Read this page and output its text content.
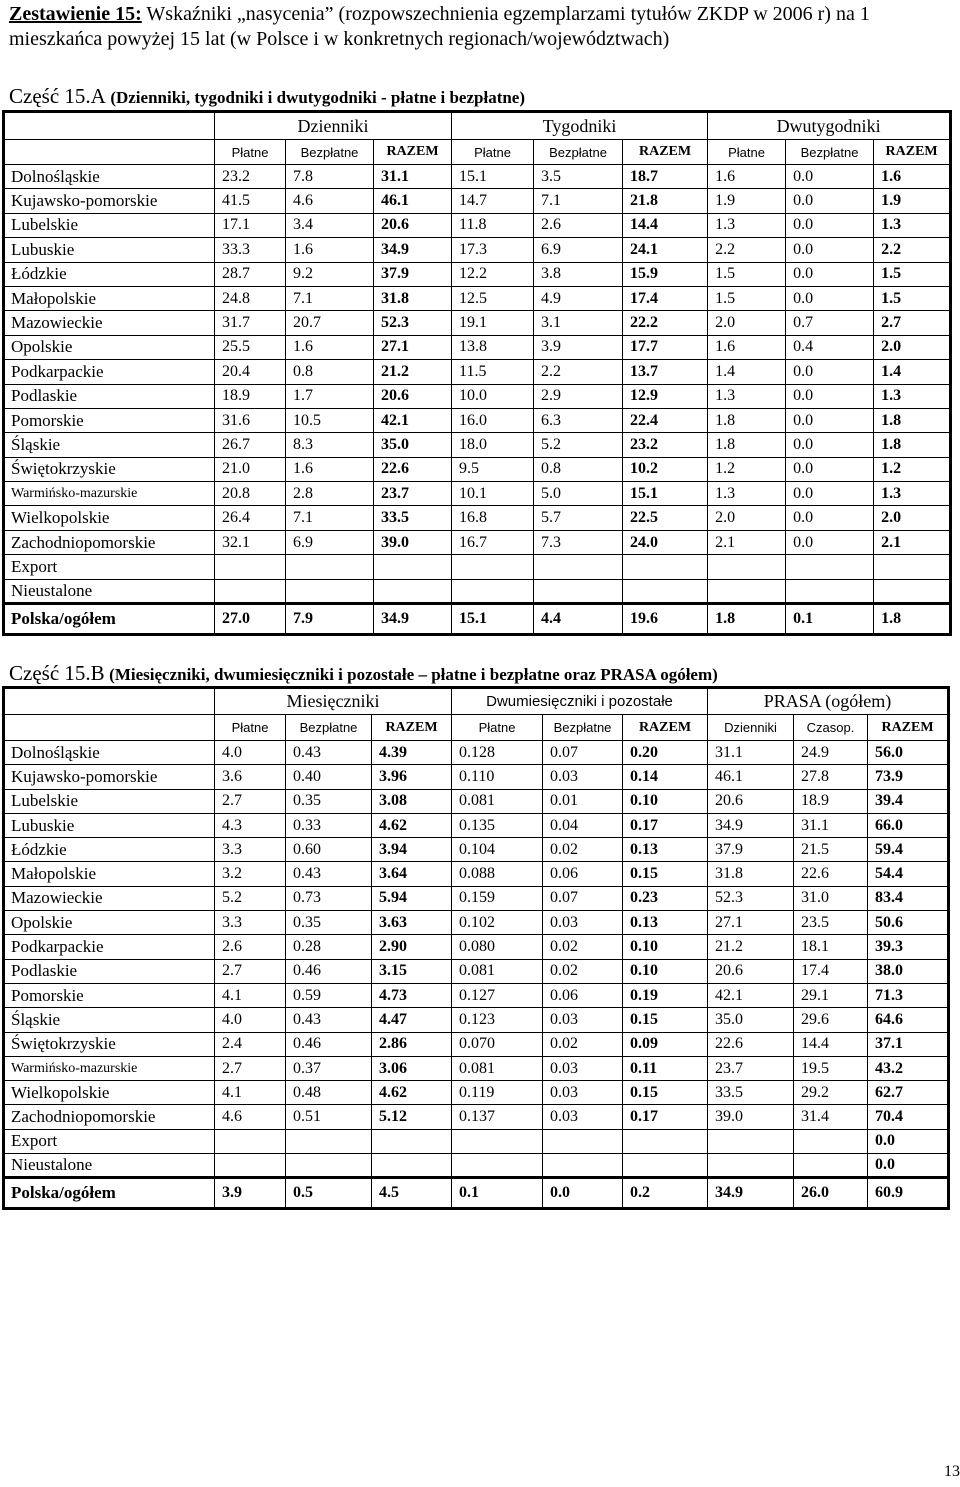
Zestawienie 15: Wskaźniki „nasycenia” (rozpowszechnienia egzemplarzami tytułów ZKDP w 2006 r) na 1 mieszkańca powyżej 15 lat (w Polsce i w konkretnych regionach/województwach)
Część 15.A (Dzienniki, tygodniki i dwutygodniki - płatne i bezpłatne)
	Dzienniki			Tygodniki			Dwutygodniki		
	Płatne	Bezpłatne	RAZEM	Płatne	Bezpłatne	RAZEM	Płatne	Bezpłatne	RAZEM
Dolnośląskie	23.2	7.8	31.1	15.1	3.5	18.7	1.6	0.0	1.6
Kujawsko-pomorskie	41.5	4.6	46.1	14.7	7.1	21.8	1.9	0.0	1.9
Lubelskie	17.1	3.4	20.6	11.8	2.6	14.4	1.3	0.0	1.3
Lubuskie	33.3	1.6	34.9	17.3	6.9	24.1	2.2	0.0	2.2
Łódzkie	28.7	9.2	37.9	12.2	3.8	15.9	1.5	0.0	1.5
Małopolskie	24.8	7.1	31.8	12.5	4.9	17.4	1.5	0.0	1.5
Mazowieckie	31.7	20.7	52.3	19.1	3.1	22.2	2.0	0.7	2.7
Opolskie	25.5	1.6	27.1	13.8	3.9	17.7	1.6	0.4	2.0
Podkarpackie	20.4	0.8	21.2	11.5	2.2	13.7	1.4	0.0	1.4
Podlaskie	18.9	1.7	20.6	10.0	2.9	12.9	1.3	0.0	1.3
Pomorskie	31.6	10.5	42.1	16.0	6.3	22.4	1.8	0.0	1.8
Śląskie	26.7	8.3	35.0	18.0	5.2	23.2	1.8	0.0	1.8
Świętokrzyskie	21.0	1.6	22.6	9.5	0.8	10.2	1.2	0.0	1.2
Warmińsko-mazurskie	20.8	2.8	23.7	10.1	5.0	15.1	1.3	0.0	1.3
Wielkopolskie	26.4	7.1	33.5	16.8	5.7	22.5	2.0	0.0	2.0
Zachodniopomorskie	32.1	6.9	39.0	16.7	7.3	24.0	2.1	0.0	2.1
Export									
Nieustalone									
Polska/ogółem	27.0	7.9	34.9	15.1	4.4	19.6	1.8	0.1	1.8
Część 15.B (Miesięczniki, dwumiesięczniki i pozostałe – płatne i bezpłatne oraz PRASA ogółem)
	Miesięczniki			Dwumiesięczniki i pozostałe			PRASA (ogółem)		
	Płatne	Bezpłatne	RAZEM	Płatne	Bezpłatne	RAZEM	Dzienniki	Czasop.	RAZEM
Dolnośląskie	4.0	0.43	4.39	0.128	0.07	0.20	31.1	24.9	56.0
Kujawsko-pomorskie	3.6	0.40	3.96	0.110	0.03	0.14	46.1	27.8	73.9
Lubelskie	2.7	0.35	3.08	0.081	0.01	0.10	20.6	18.9	39.4
Lubuskie	4.3	0.33	4.62	0.135	0.04	0.17	34.9	31.1	66.0
Łódzkie	3.3	0.60	3.94	0.104	0.02	0.13	37.9	21.5	59.4
Małopolskie	3.2	0.43	3.64	0.088	0.06	0.15	31.8	22.6	54.4
Mazowieckie	5.2	0.73	5.94	0.159	0.07	0.23	52.3	31.0	83.4
Opolskie	3.3	0.35	3.63	0.102	0.03	0.13	27.1	23.5	50.6
Podkarpackie	2.6	0.28	2.90	0.080	0.02	0.10	21.2	18.1	39.3
Podlaskie	2.7	0.46	3.15	0.081	0.02	0.10	20.6	17.4	38.0
Pomorskie	4.1	0.59	4.73	0.127	0.06	0.19	42.1	29.1	71.3
Śląskie	4.0	0.43	4.47	0.123	0.03	0.15	35.0	29.6	64.6
Świętokrzyskie	2.4	0.46	2.86	0.070	0.02	0.09	22.6	14.4	37.1
Warmińsko-mazurskie	2.7	0.37	3.06	0.081	0.03	0.11	23.7	19.5	43.2
Wielkopolskie	4.1	0.48	4.62	0.119	0.03	0.15	33.5	29.2	62.7
Zachodniopomorskie	4.6	0.51	5.12	0.137	0.03	0.17	39.0	31.4	70.4
Export									0.0
Nieustalone									0.0
Polska/ogółem	3.9	0.5	4.5	0.1	0.0	0.2	34.9	26.0	60.9
13
